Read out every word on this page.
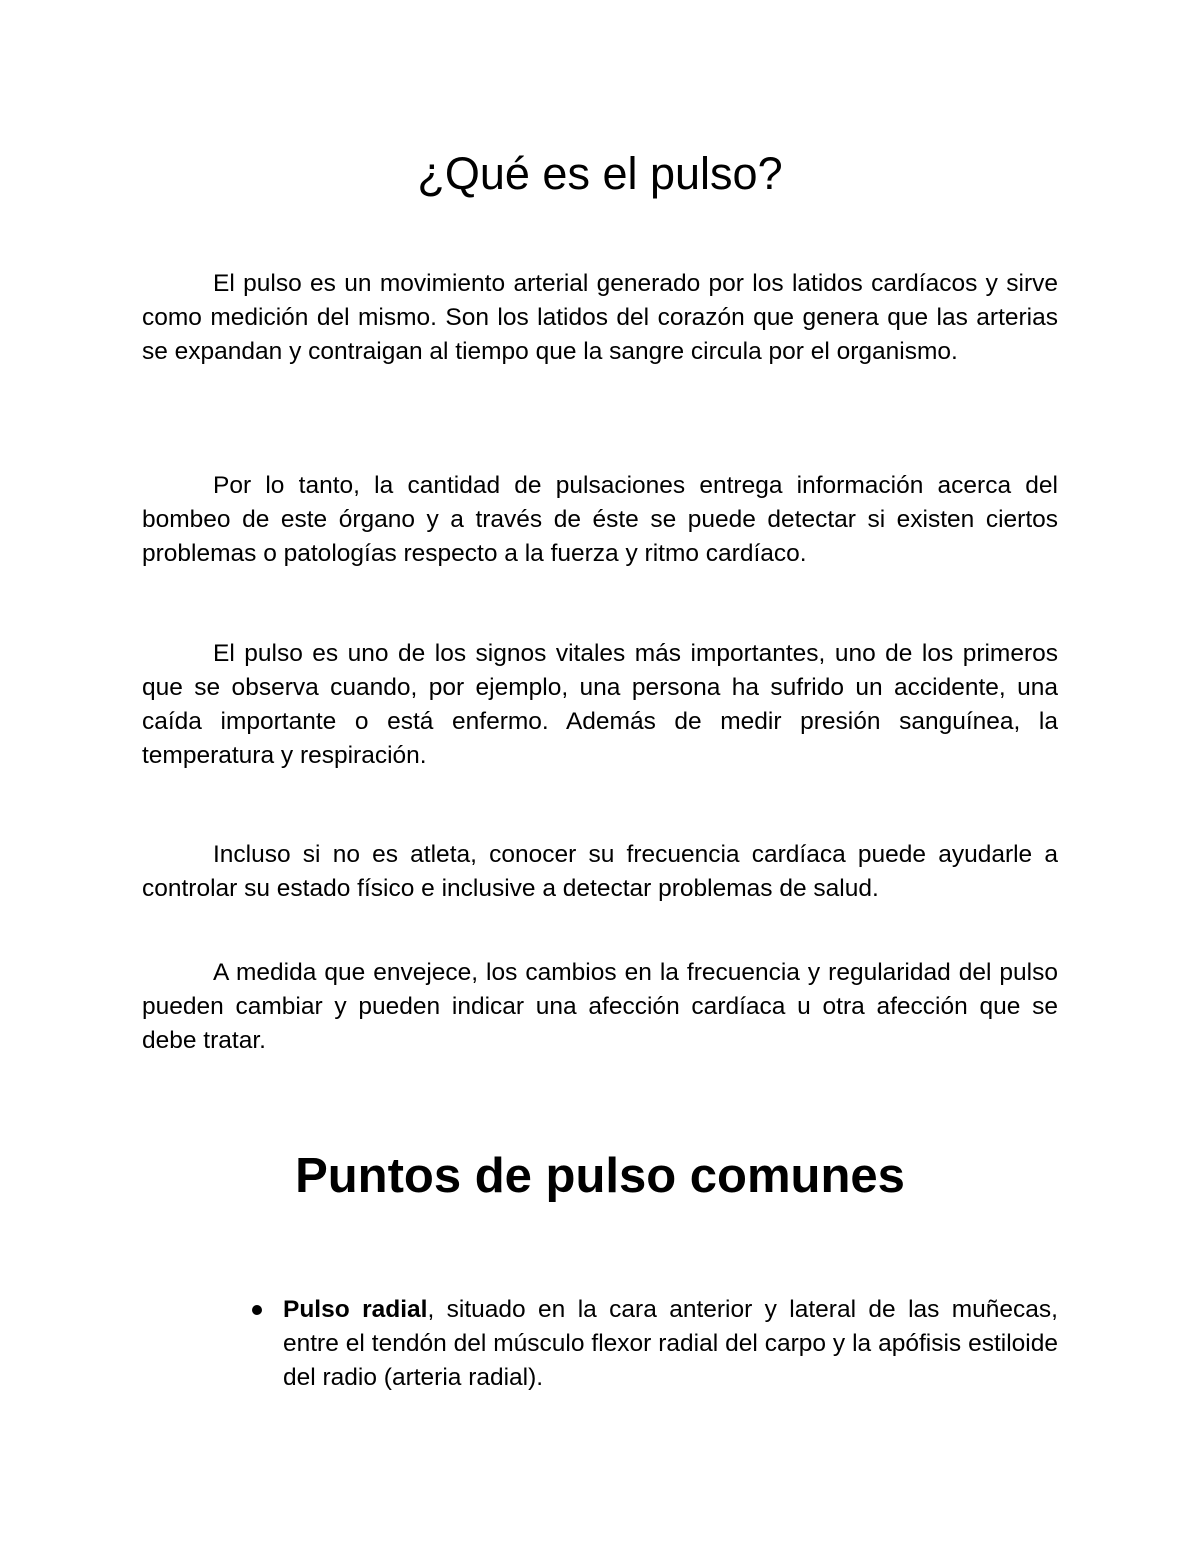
¿Qué es el pulso?

El pulso es un movimiento arterial generado por los latidos cardíacos y sirve como medición del mismo. Son los latidos del corazón que genera que las arterias se expandan y contraigan al tiempo que la sangre circula por el organismo.

Por lo tanto, la cantidad de pulsaciones entrega información acerca del bombeo de este órgano y a través de éste se puede detectar si existen ciertos problemas o patologías respecto a la fuerza y ritmo cardíaco.

El pulso es uno de los signos vitales más importantes, uno de los primeros que se observa cuando, por ejemplo, una persona ha sufrido un accidente, una caída importante o está enfermo. Además de medir presión sanguínea, la temperatura y respiración.

Incluso si no es atleta, conocer su frecuencia cardíaca puede ayudarle a controlar su estado físico e inclusive a detectar problemas de salud.

A medida que envejece, los cambios en la frecuencia y regularidad del pulso pueden cambiar y pueden indicar una afección cardíaca u otra afección que se debe tratar.

Puntos de pulso comunes
Pulso radial, situado en la cara anterior y lateral de las muñecas, entre el tendón del músculo flexor radial del carpo y la apófisis estiloide del radio (arteria radial).
